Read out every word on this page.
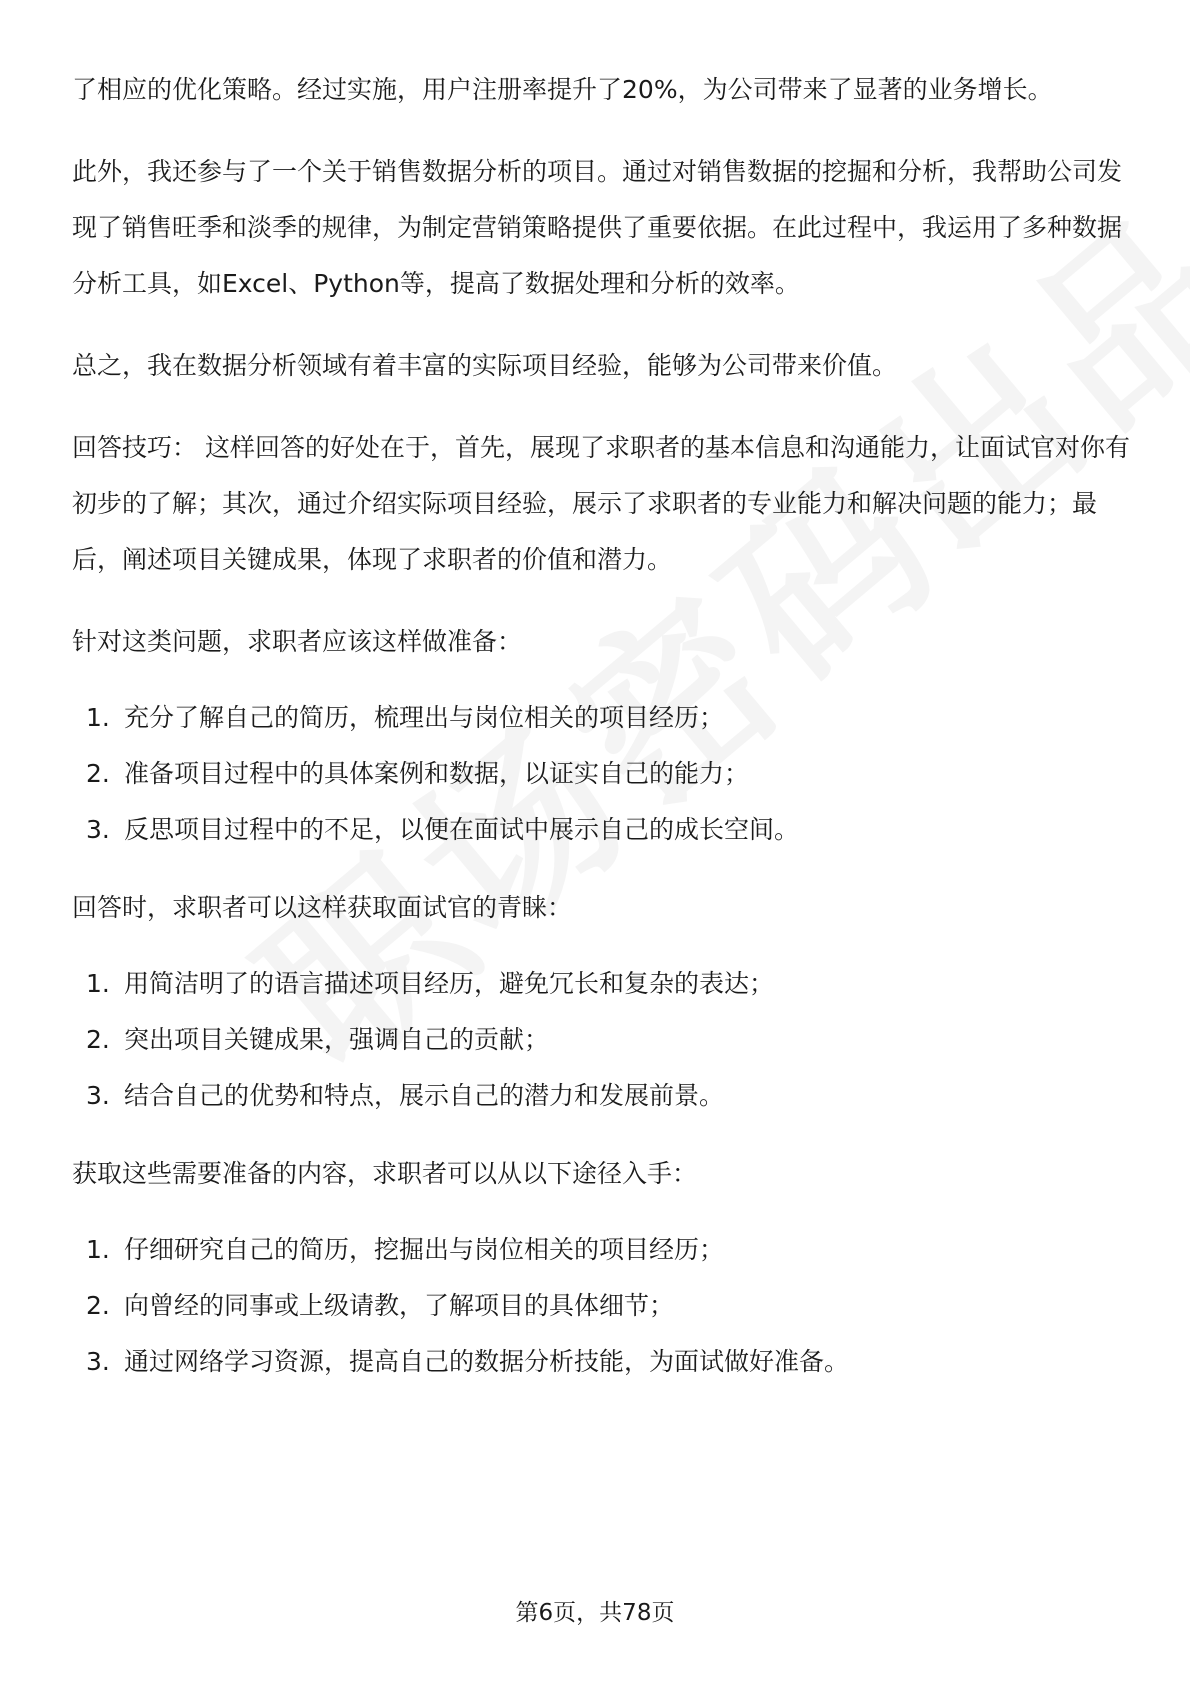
了相应的优化策略。经过实施，用户注册率提升了20%，为公司带来了显著的业务增长。

此外，我还参与了一个关于销售数据分析的项目。通过对销售数据的挖掘和分析，我帮助公司发现了销售旺季和淡季的规律，为制定营销策略提供了重要依据。在此过程中，我运用了多种数据分析工具，如Excel、Python等，提高了数据处理和分析的效率。

总之，我在数据分析领域有着丰富的实际项目经验，能够为公司带来价值。

回答技巧： 这样回答的好处在于，首先，展现了求职者的基本信息和沟通能力，让面试官对你有初步的了解；其次，通过介绍实际项目经验，展示了求职者的专业能力和解决问题的能力；最后，阐述项目关键成果，体现了求职者的价值和潜力。

针对这类问题，求职者应该这样做准备：

1. 充分了解自己的简历，梳理出与岗位相关的项目经历；
2. 准备项目过程中的具体案例和数据，以证实自己的能力；
3. 反思项目过程中的不足，以便在面试中展示自己的成长空间。

回答时，求职者可以这样获取面试官的青睐：

1. 用简洁明了的语言描述项目经历，避免冗长和复杂的表达；
2. 突出项目关键成果，强调自己的贡献；
3. 结合自己的优势和特点，展示自己的潜力和发展前景。

获取这些需要准备的内容，求职者可以从以下途径入手：

1. 仔细研究自己的简历，挖掘出与岗位相关的项目经历；
2. 向曾经的同事或上级请教，了解项目的具体细节；
3. 通过网络学习资源，提高自己的数据分析技能，为面试做好准备。
第6页，共78页
